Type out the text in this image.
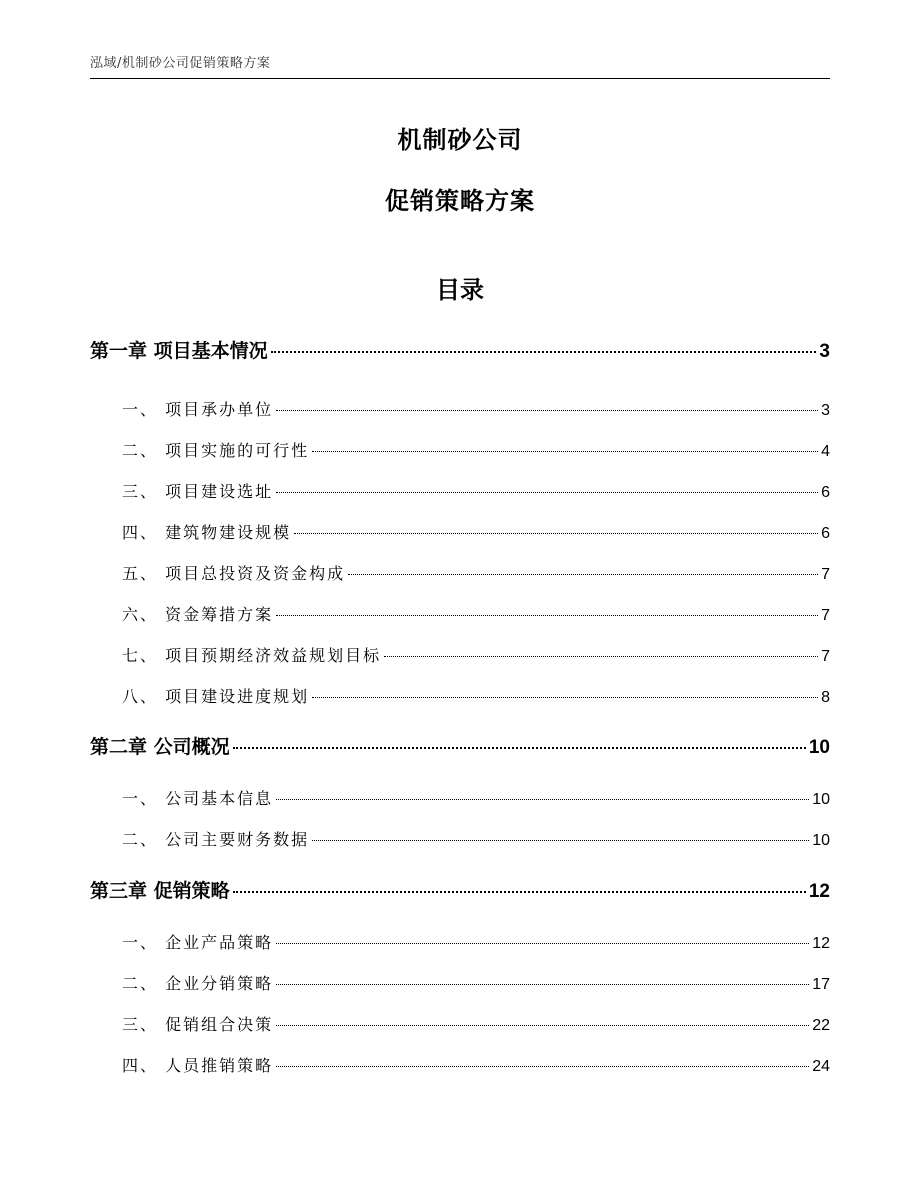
泓域/机制砂公司促销策略方案
机制砂公司
促销策略方案
目录
第一章 项目基本情况	3
一、 项目承办单位	3
二、 项目实施的可行性	4
三、 项目建设选址	6
四、 建筑物建设规模	6
五、 项目总投资及资金构成	7
六、 资金筹措方案	7
七、 项目预期经济效益规划目标	7
八、 项目建设进度规划	8
第二章 公司概况	10
一、 公司基本信息	10
二、 公司主要财务数据	10
第三章 促销策略	12
一、 企业产品策略	12
二、 企业分销策略	17
三、 促销组合决策	22
四、 人员推销策略	24
